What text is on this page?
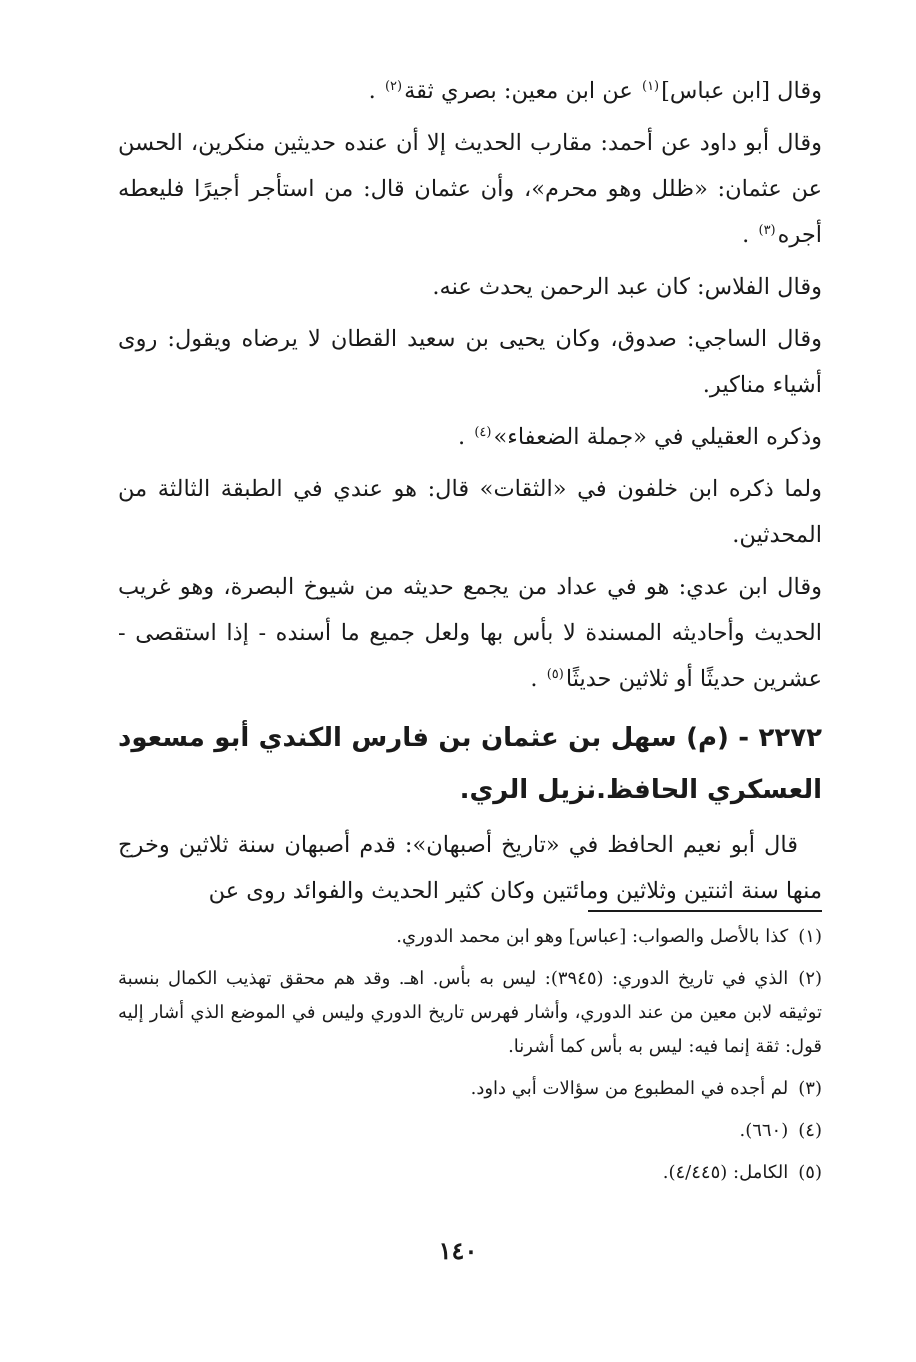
وقال [ابن عباس]$^{(١)}$ عن ابن معين: بصري ثقة$^{(٢)}$ .

وقال أبو داود عن أحمد: مقارب الحديث إلا أن عنده حديثين منكرين، الحسن عن عثمان: «ظلل وهو محرم»، وأن عثمان قال: من استأجر أجيرًا فليعطه أجره$^{(٣)}$ .

وقال الفلاس: كان عبد الرحمن يحدث عنه.

وقال الساجي: صدوق، وكان يحيى بن سعيد القطان لا يرضاه ويقول: روى أشياء مناكير.

وذكره العقيلي في «جملة الضعفاء»$^{(٤)}$ .

ولما ذكره ابن خلفون في «الثقات» قال: هو عندي في الطبقة الثالثة من المحدثين.

وقال ابن عدي: هو في عداد من يجمع حديثه من شيوخ البصرة، وهو غريب الحديث وأحاديثه المسندة لا بأس بها ولعل جميع ما أسنده - إذا استقصى - عشرين حديثًا أو ثلاثين حديثًا$^{(٥)}$ .

٢٢٧٢ - (م) سهل بن عثمان بن فارس الكندي أبو مسعود العسكري الحافظ.نزيل الري.

قال أبو نعيم الحافظ في «تاريخ أصبهان»: قدم أصبهان سنة ثلاثين وخرج منها سنة اثنتين وثلاثين ومائتين وكان كثير الحديث والفوائد روى عن

(١)كذا بالأصل والصواب: [عباس] وهو ابن محمد الدوري.
(٢)الذي في تاريخ الدوري: (٣٩٤٥): ليس به بأس. اهـ. وقد هم محقق تهذيب الكمال بنسبة توثيقه لابن معين من عند الدوري، وأشار فهرس تاريخ الدوري وليس في الموضع الذي أشار إليه قول: ثقة إنما فيه: ليس به بأس كما أشرنا.
(٣)لم أجده في المطبوع من سؤالات أبي داود.
(٤)(٦٦٠).
(٥)الكامل: (٤/٤٤٥).
١٤٠
